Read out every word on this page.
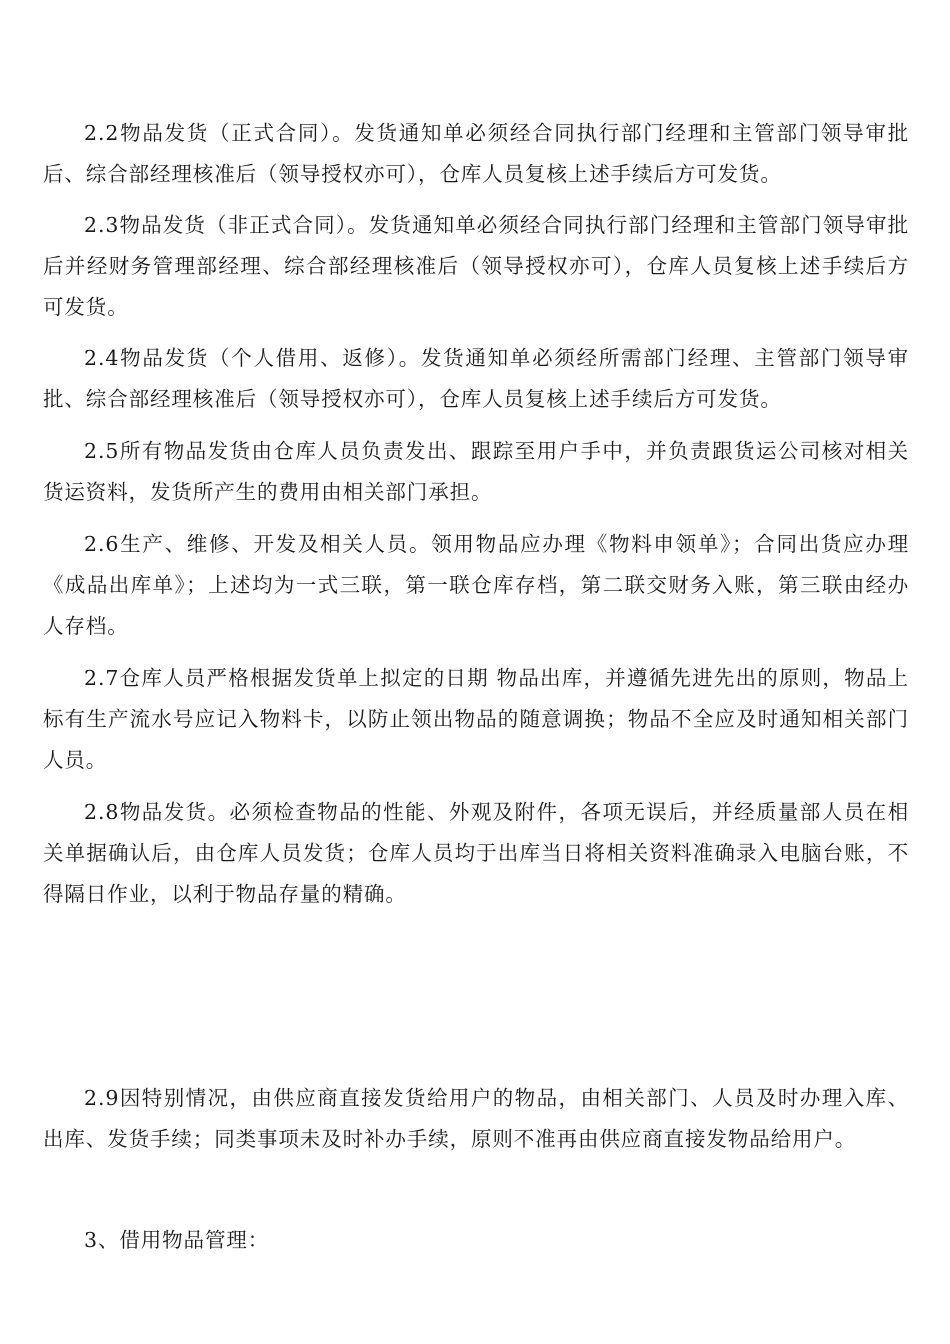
2.2物品发货（正式合同）。发货通知单必须经合同执行部门经理和主管部门领导审批后、综合部经理核准后（领导授权亦可），仓库人员复核上述手续后方可发货。

2.3物品发货（非正式合同）。发货通知单必须经合同执行部门经理和主管部门领导审批后并经财务管理部经理、综合部经理核准后（领导授权亦可），仓库人员复核上述手续后方可发货。

2.4物品发货（个人借用、返修）。发货通知单必须经所需部门经理、主管部门领导审批、综合部经理核准后（领导授权亦可），仓库人员复核上述手续后方可发货。

2.5所有物品发货由仓库人员负责发出、跟踪至用户手中，并负责跟货运公司核对相关货运资料，发货所产生的费用由相关部门承担。

2.6生产、维修、开发及相关人员。领用物品应办理《物料申领单》；合同出货应办理《成品出库单》；上述均为一式三联，第一联仓库存档，第二联交财务入账，第三联由经办人存档。

2.7仓库人员严格根据发货单上拟定的日期 物品出库，并遵循先进先出的原则，物品上标有生产流水号应记入物料卡，以防止领出物品的随意调换；物品不全应及时通知相关部门人员。

2.8物品发货。必须检查物品的性能、外观及附件，各项无误后，并经质量部人员在相关单据确认后，由仓库人员发货；仓库人员均于出库当日将相关资料准确录入电脑台账，不得隔日作业，以利于物品存量的精确。

2.9因特别情况，由供应商直接发货给用户的物品，由相关部门、人员及时办理入库、出库、发货手续；同类事项未及时补办手续，原则不准再由供应商直接发物品给用户。

3、借用物品管理：
